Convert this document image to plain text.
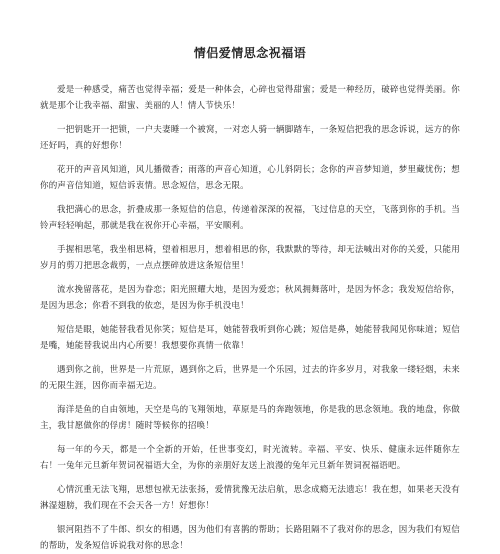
情侣爱情思念祝福语

爱是一种感受，痛苦也觉得幸福；爱是一种体会，心碎也觉得甜蜜；爱是一种经历，破碎也觉得美丽。你就是那个让我幸福、甜蜜、美丽的人！情人节快乐！

一把钥匙开一把锁，一户夫妻睡一个被窝，一对恋人骑一辆脚踏车，一条短信把我的思念诉说，远方的你还好吗，真的好想你！

花开的声音风知道，风儿播微香；雨落的声音心知道，心儿斜阴长；念你的声音梦知道，梦里藏忧伤；想你的声音信知道，短信诉衷情。思念短信，思念无限。

我把满心的思念，折叠成那一条短信的信息，传递着深深的祝福，飞过信息的天空，飞落到你的手机。当铃声轻轻响起，那就是我在祝你开心幸福，平安顺利。

手握相思笔，我坐相思椅，望着相思月，想着相思的你，我默默的等待，却无法喊出对你的关爱，只能用岁月的剪刀把思念裁剪，一点点摆碎放进这条短信里！

流水挽留落花，是因为眷恋；阳光照耀大地，是因为爱恋；秋风拥舞落叶，是因为怀念；我发短信给你，是因为思念；你看不到我的依恋，是因为你手机没电！

短信是眼，她能替我看见你笑；短信是耳，她能替我听到你心跳；短信是鼻，她能替我闻见你味道；短信是嘴，她能替我说出内心所要！我想要你真情一依靠！

遇到你之前，世界是一片荒原，遇到你之后，世界是一个乐园，过去的许多岁月，对我象一缕轻烟，未来的无限生涯，因你而幸福无边。

海洋是鱼的自由领地，天空是鸟的飞翔领地，草原是马的奔跑领地，你是我的思念领地。我的地盘，你做主，我甘愿做你的俘虏！随时等候你的招唤！

每一年的今天，都是一个全新的开始，任世事变幻，时光流转。幸福、平安、快乐、健康永远伴随你左右！一兔年元旦新年贺词祝福语大全，为你的亲朋好友送上浪漫的兔年元旦新年贺词祝福语吧。

心情沉重无法飞翔，思想包袱无法张扬，爱情犹豫无法启航，思念成瘾无法遗忘！我在想，如果老天没有淋湿翅膀，我们现在不会天各一方！好想你！

银河阻挡不了牛郎、织女的相遇，因为他们有喜鹊的帮助；长路阻隔不了我对你的思念，因为我们有短信的帮助，发条短信诉说我对你的思念！
